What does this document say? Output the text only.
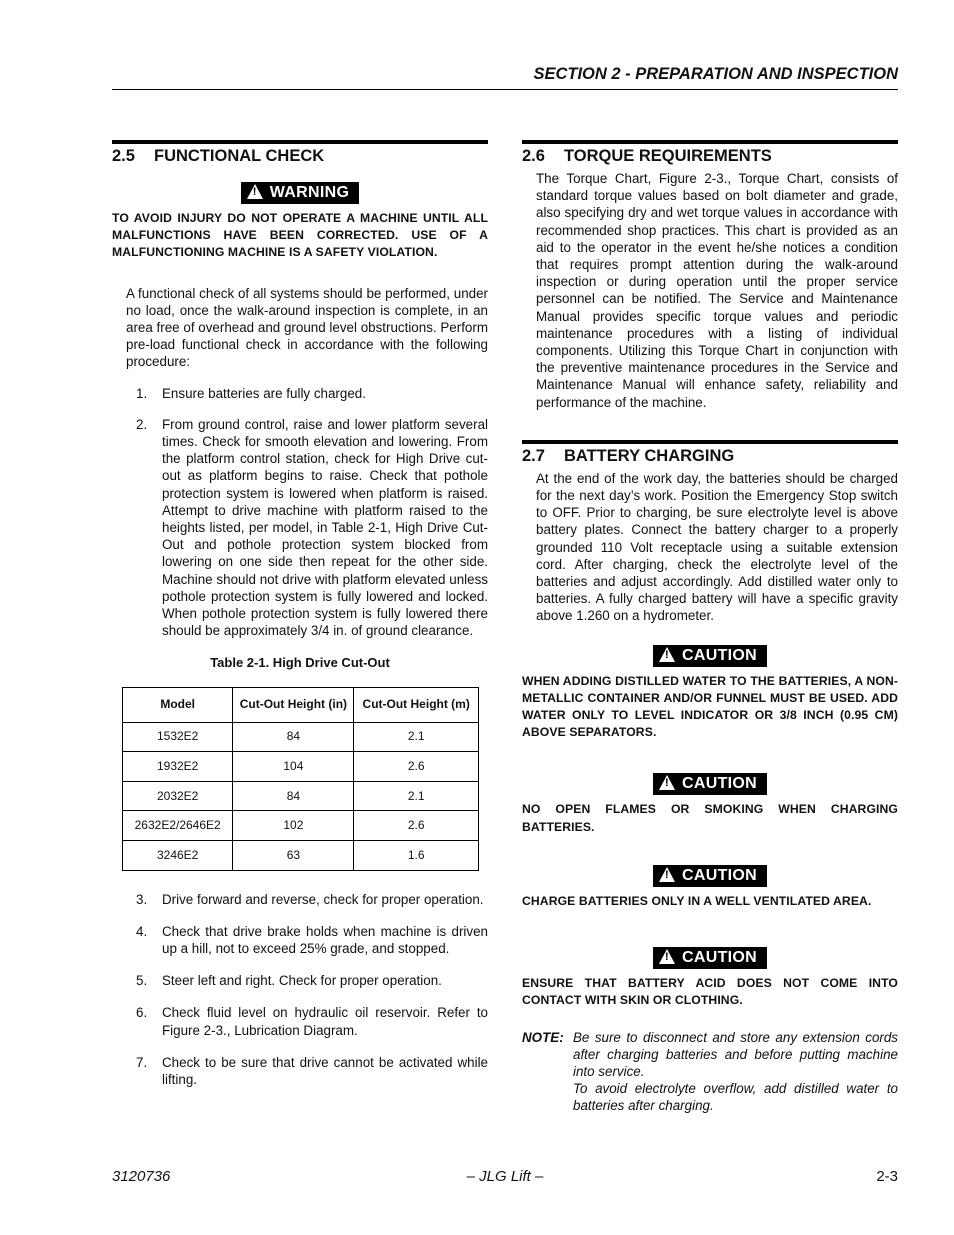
SECTION 2 - PREPARATION AND INSPECTION
2.5 FUNCTIONAL CHECK
! WARNING
TO AVOID INJURY DO NOT OPERATE A MACHINE UNTIL ALL MALFUNCTIONS HAVE BEEN CORRECTED. USE OF A MALFUNCTIONING MACHINE IS A SAFETY VIOLATION.
A functional check of all systems should be performed, under no load, once the walk-around inspection is complete, in an area free of overhead and ground level obstructions. Perform pre-load functional check in accordance with the following procedure:
1. Ensure batteries are fully charged.
2. From ground control, raise and lower platform several times. Check for smooth elevation and lowering. From the platform control station, check for High Drive cut-out as platform begins to raise. Check that pothole protection system is lowered when platform is raised. Attempt to drive machine with platform raised to the heights listed, per model, in Table 2-1, High Drive Cut-Out and pothole protection system blocked from lowering on one side then repeat for the other side. Machine should not drive with platform elevated unless pothole protection system is fully lowered and locked. When pothole protection system is fully lowered there should be approximately 3/4 in. of ground clearance.
Table 2-1. High Drive Cut-Out
Model	Cut-Out Height (in)	Cut-Out Height (m)
1532E2	84	2.1
1932E2	104	2.6
2032E2	84	2.1
2632E2/2646E2	102	2.6
3246E2	63	1.6
3. Drive forward and reverse, check for proper operation.
4. Check that drive brake holds when machine is driven up a hill, not to exceed 25% grade, and stopped.
5. Steer left and right. Check for proper operation.
6. Check fluid level on hydraulic oil reservoir. Refer to Figure 2-3., Lubrication Diagram.
7. Check to be sure that drive cannot be activated while lifting.
2.6 TORQUE REQUIREMENTS
The Torque Chart, Figure 2-3., Torque Chart, consists of standard torque values based on bolt diameter and grade, also specifying dry and wet torque values in accordance with recommended shop practices. This chart is provided as an aid to the operator in the event he/she notices a condition that requires prompt attention during the walk-around inspection or during operation until the proper service personnel can be notified. The Service and Maintenance Manual provides specific torque values and periodic maintenance procedures with a listing of individual components. Utilizing this Torque Chart in conjunction with the preventive maintenance procedures in the Service and Maintenance Manual will enhance safety, reliability and performance of the machine.
2.7 BATTERY CHARGING
At the end of the work day, the batteries should be charged for the next day’s work. Position the Emergency Stop switch to OFF. Prior to charging, be sure electrolyte level is above battery plates. Connect the battery charger to a properly grounded 110 Volt receptacle using a suitable extension cord. After charging, check the electrolyte level of the batteries and adjust accordingly. Add distilled water only to batteries. A fully charged battery will have a specific gravity above 1.260 on a hydrometer.
! CAUTION
WHEN ADDING DISTILLED WATER TO THE BATTERIES, A NON-METALLIC CONTAINER AND/OR FUNNEL MUST BE USED. ADD WATER ONLY TO LEVEL INDICATOR OR 3/8 INCH (0.95 CM) ABOVE SEPARATORS.
! CAUTION
NO OPEN FLAMES OR SMOKING WHEN CHARGING BATTERIES.
! CAUTION
CHARGE BATTERIES ONLY IN A WELL VENTILATED AREA.
! CAUTION
ENSURE THAT BATTERY ACID DOES NOT COME INTO CONTACT WITH SKIN OR CLOTHING.
NOTE: Be sure to disconnect and store any extension cords after charging batteries and before putting machine into service.
To avoid electrolyte overflow, add distilled water to batteries after charging.
3120736	– JLG Lift –	2-3
